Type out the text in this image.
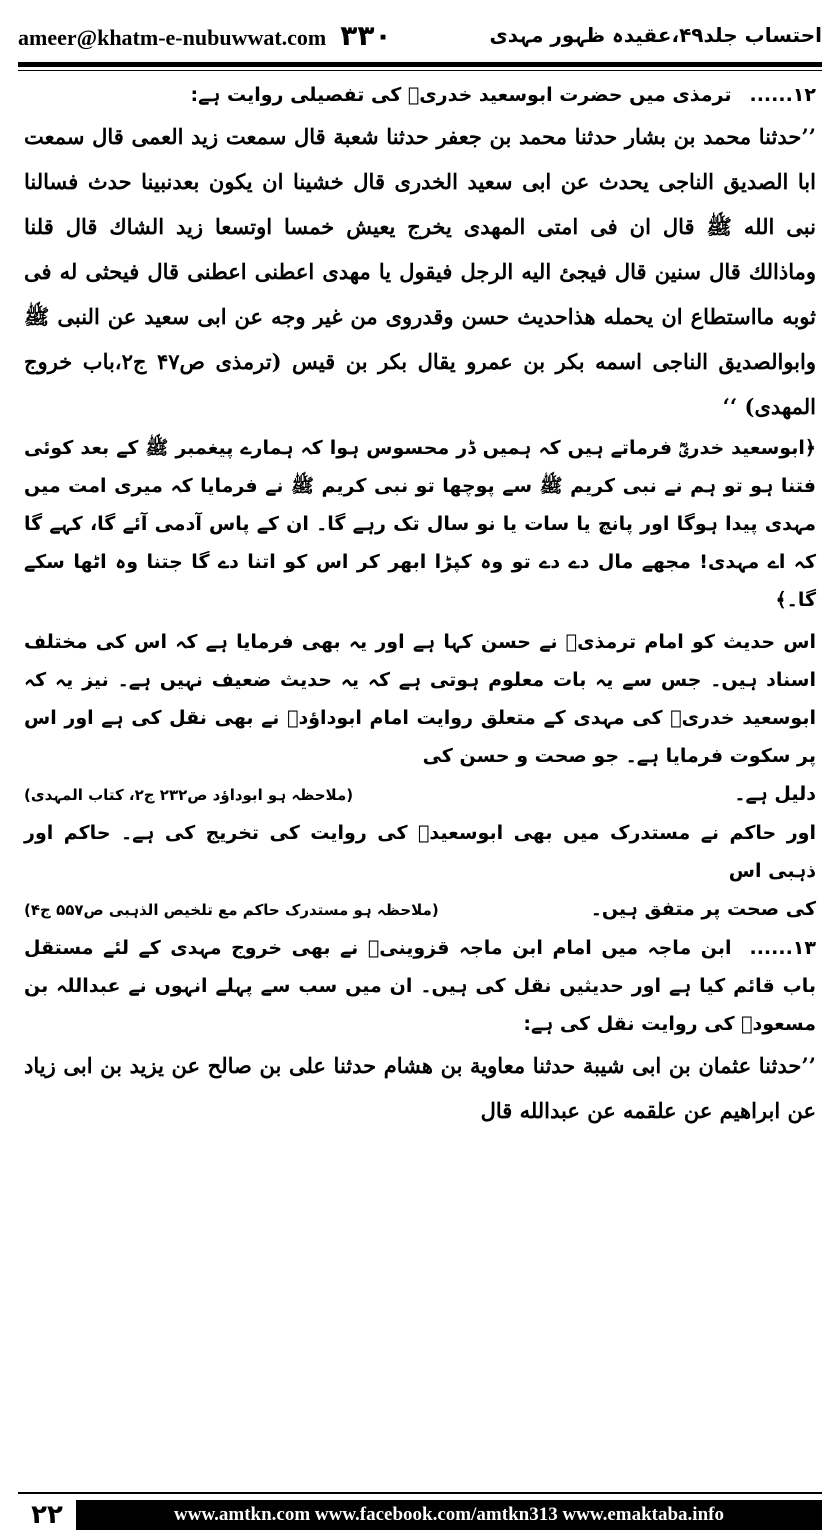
ameer@khatm-e-nubuwwat.com ۳۳۰	احتساب جلد۴۹،عقیدہ ظہور مہدی

۱۲......ترمذی میں حضرت ابوسعید خدریؓ کی تفصیلی روایت ہے:

’’حدثنا محمد بن بشار حدثنا محمد بن جعفر حدثنا شعبة قال سمعت زيد العمى قال سمعت ابا الصديق الناجى يحدث عن ابى سعيد الخدرى قال خشينا ان يكون بعدنبينا حدث فسالنا نبى الله ﷺ قال ان فى امتى المهدى يخرج يعيش خمسا اوتسعا زيد الشاك قال قلنا وماذالك قال سنين قال فيجئ اليه الرجل فيقول يا مهدى اعطنى اعطنى قال فيحثى له فى ثوبه مااستطاع ان يحمله هذاحديث حسن وقدروى من غير وجه عن ابى سعيد عن النبى ﷺ وابوالصديق الناجى اسمه بكر بن عمرو يقال بكر بن قيس (ترمذى ص۴٧ ج۲،باب خروج المهدى) ‘‘

﴿ابوسعید خدریؓ فرماتے ہیں کہ ہمیں ڈر محسوس ہوا کہ ہمارے پیغمبر ﷺ کے بعد کوئی فتنا ہو تو ہم نے نبی کریم ﷺ سے پوچھا تو نبی کریم ﷺ نے فرمایا کہ میری امت میں مہدی پیدا ہوگا اور پانچ یا سات یا نو سال تک رہے گا۔ ان کے پاس آدمی آئے گا، کہے گا کہ اے مہدی! مجھے مال دے دے تو وہ کپڑا ابھر کر اس کو اتنا دے گا جتنا وہ اٹھا سکے گا۔﴾

اس حدیث کو امام ترمذیؒ نے حسن کہا ہے اور یہ بھی فرمایا ہے کہ اس کی مختلف اسناد ہیں۔ جس سے یہ بات معلوم ہوتی ہے کہ یہ حدیث ضعیف نہیں ہے۔ نیز یہ کہ ابوسعید خدریؓ کی مہدی کے متعلق روایت امام ابوداؤدؒ نے بھی نقل کی ہے اور اس پر سکوت فرمایا ہے۔ جو صحت و حسن کی

دلیل ہے۔
(ملاحظہ ہو ابوداؤد ص۲۳۲ ج۲، کتاب المہدی)

اور حاکم نے مستدرک میں بھی ابوسعیدؓ کی روایت کی تخریج کی ہے۔ حاکم اور ذہبی اس

کی صحت پر متفق ہیں۔
(ملاحظہ ہو مستدرک حاکم مع تلخیص الذہبی ص۵۵۷ ج۴)

۱۳......ابن ماجہ میں امام ابن ماجہ قزوینیؒ نے بھی خروج مہدی کے لئے مستقل باب قائم کیا ہے اور حدیثیں نقل کی ہیں۔ ان میں سب سے پہلے انہوں نے عبداللہ بن مسعودؓ کی روایت نقل کی ہے:

’’حدثنا عثمان بن ابى شيبة حدثنا معاوية بن هشام حدثنا على بن صالح عن يزيد بن ابى زياد عن ابراهيم عن علقمه عن عبدالله قال

۲۲	www.amtkn.com www.facebook.com/amtkn313 www.emaktaba.info
